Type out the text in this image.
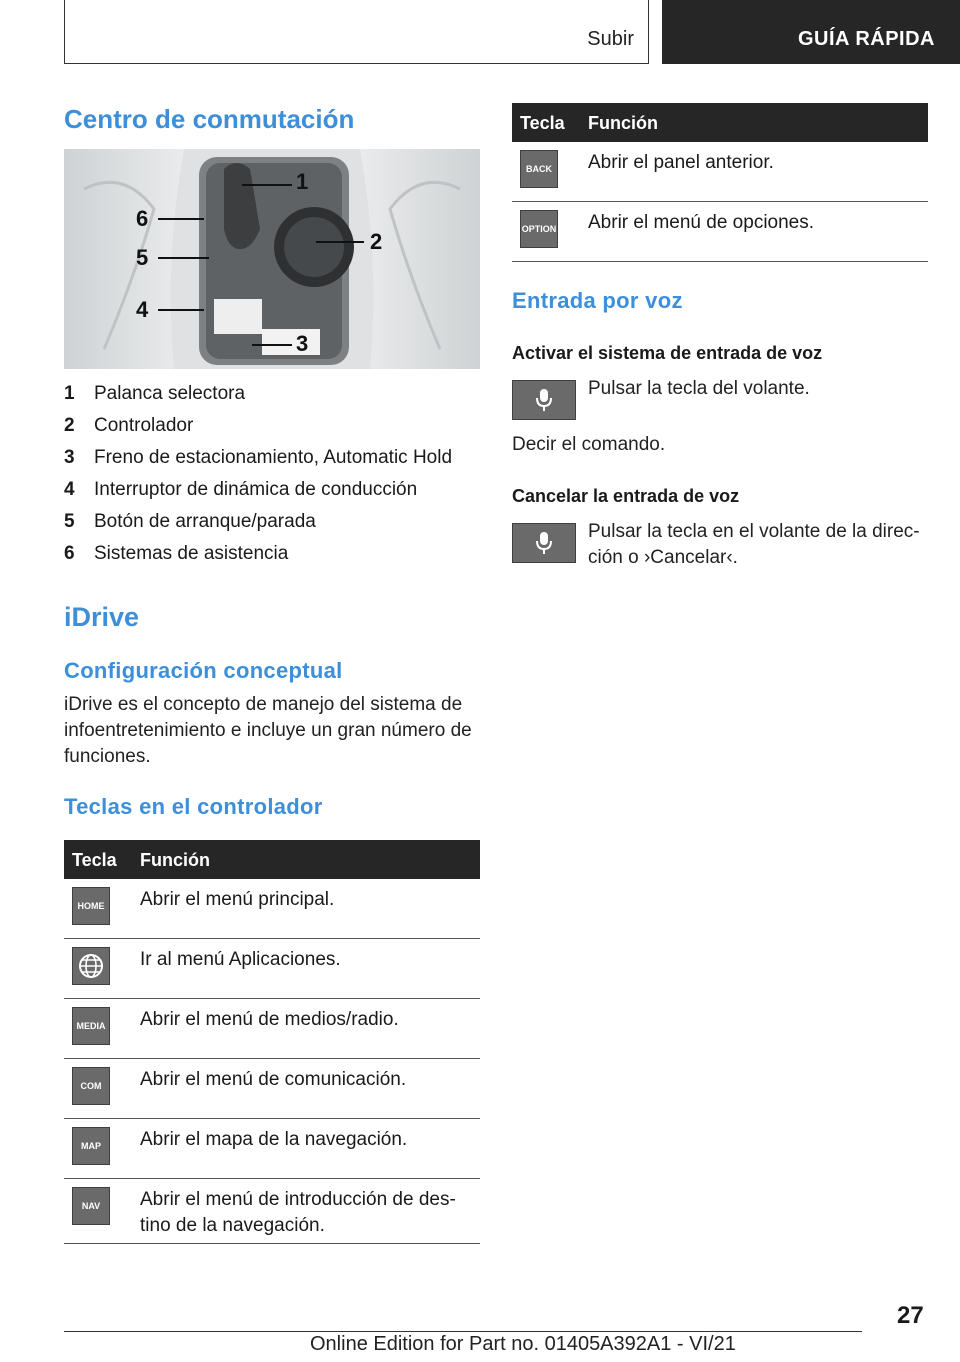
Subir	GUÍA RÁPIDA
Centro de conmutación
1
2
3
4
5
6
1 Palanca selectora
2 Controlador
3 Freno de estacionamiento, Automatic Hold
4 Interruptor de dinámica de conducción
5 Botón de arranque/parada
6 Sistemas de asistencia
iDrive
Configuración conceptual
iDrive es el concepto de manejo del sistema de infoentretenimiento e incluye un gran número de funciones.
Teclas en el controlador
Tecla Función
HOME Abrir el menú principal.
Ir al menú Aplicaciones.
MEDIA Abrir el menú de medios/radio.
COM	Abrir el menú de comunicación.
MAP	Abrir el mapa de la navegación.
NAV	Abrir el menú de introducción de des-tino de la navegación.
Tecla Función
BACK	Abrir el panel anterior.
OPTION Abrir el menú de opciones.
Entrada por voz
Activar el sistema de entrada de voz
Pulsar la tecla del volante.
Decir el comando.
Cancelar la entrada de voz
Pulsar la tecla en el volante de la direc-ción o ›Cancelar‹.
27
Online Edition for Part no. 01405A392A1 - VI/21
